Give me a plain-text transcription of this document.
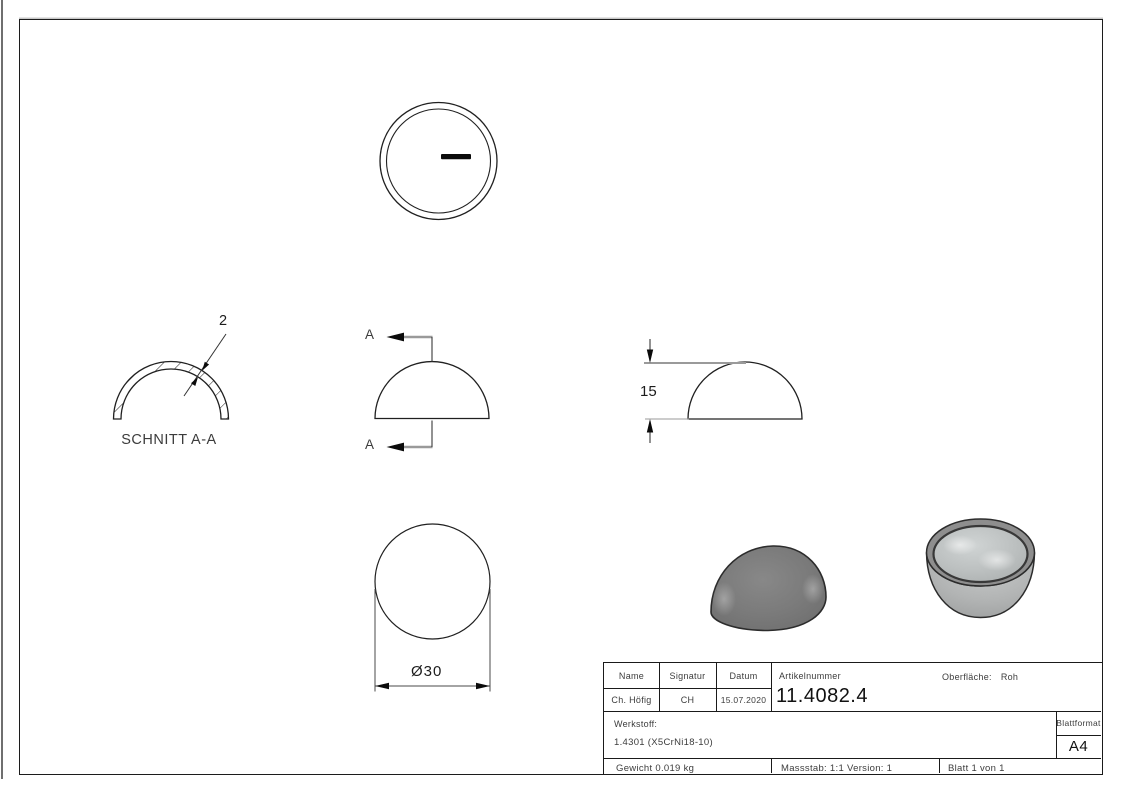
2
SCHNITT A-A
A
A
15
Ø30	Name	Signatur	Datum	Artikelnummer	Oberfläche: Roh
Ch. Höfig	CH	15.07.2020 11.4082.4
Werkstoff:
1.4301 (X5CrNi18-10)
Blattformat
A4
Gewicht 0.019 kg	Massstab: 1:1 Version: 1	Blatt 1 von 1
